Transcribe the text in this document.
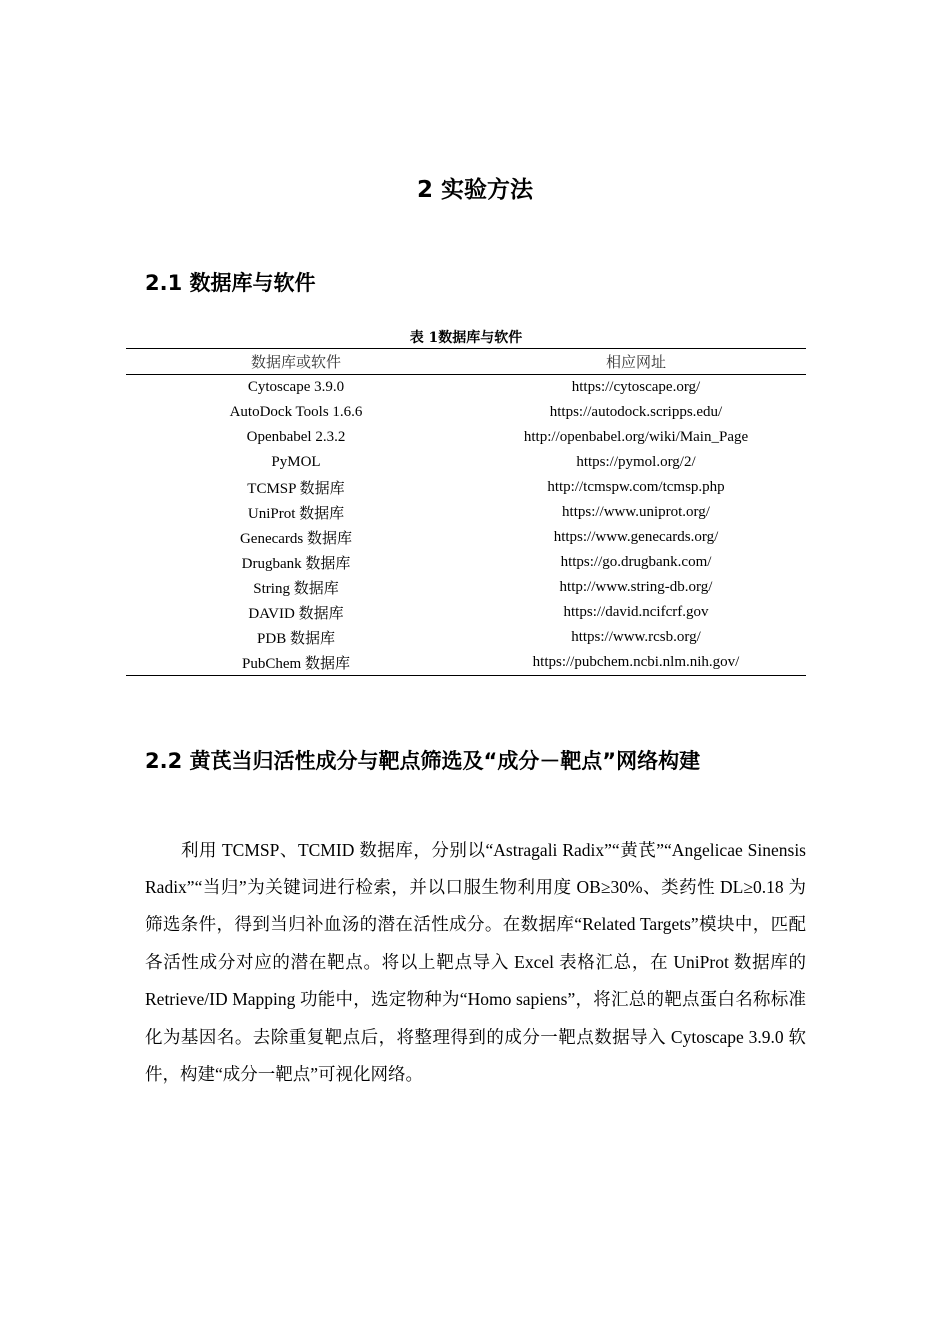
2 实验方法
2.1 数据库与软件
表 1数据库与软件
数据库或软件	相应网址
Cytoscape 3.9.0	https://cytoscape.org/
AutoDock Tools 1.6.6	https://autodock.scripps.edu/
Openbabel 2.3.2	http://openbabel.org/wiki/Main_Page
PyMOL	https://pymol.org/2/
TCMSP 数据库	http://tcmspw.com/tcmsp.php
UniProt 数据库	https://www.uniprot.org/
Genecards 数据库	https://www.genecards.org/
Drugbank 数据库	https://go.drugbank.com/
String 数据库	http://www.string-db.org/
DAVID 数据库	https://david.ncifcrf.gov
PDB 数据库	https://www.rcsb.org/
PubChem 数据库	https://pubchem.ncbi.nlm.nih.gov/
2.2 黄芪当归活性成分与靶点筛选及“成分－靶点”网络构建

利用 TCMSP、TCMID 数据库，分别以“Astragali Radix”“黄芪”“Angelicae Sinensis Radix”“当归”为关键词进行检索，并以口服生物利用度 OB≥30%、类药性 DL≥0.18 为筛选条件，得到当归补血汤的潜在活性成分。在数据库“Related Targets”模块中，匹配各活性成分对应的潜在靶点。将以上靶点导入 Excel 表格汇总，在 UniProt 数据库的 Retrieve/ID Mapping 功能中，选定物种为“Homo sapiens”，将汇总的靶点蛋白名称标准化为基因名。去除重复靶点后，将整理得到的成分一靶点数据导入 Cytoscape 3.9.0 软件，构建“成分一靶点”可视化网络。
